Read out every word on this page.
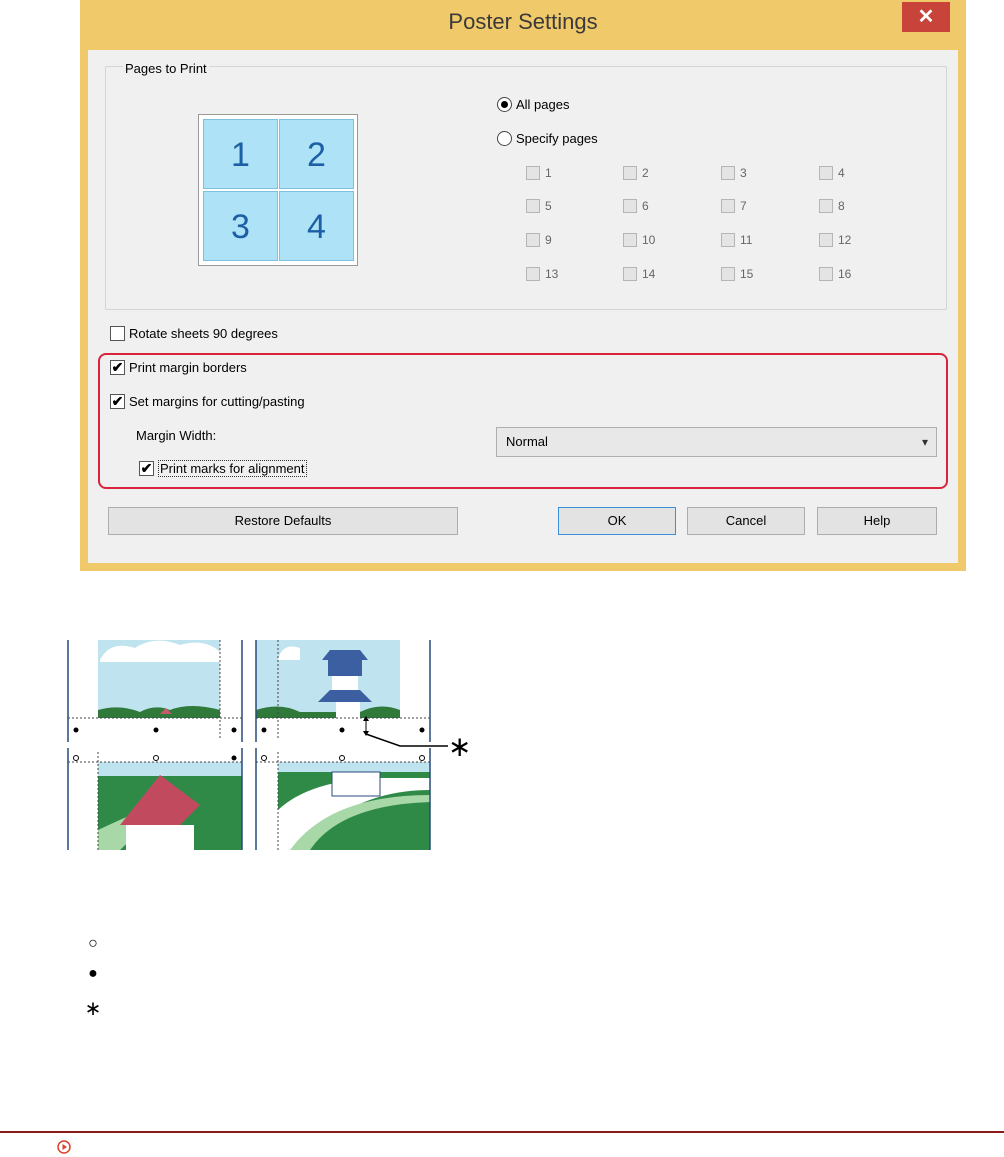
Poster Settings	✕
Pages to Print
1	2
3	4
All pages
Specify pages
1	2	3	4
5	6	7	8
9	10	11	12
13	14	15	16
Rotate sheets 90 degrees
✔ Print margin borders
✔ Set margins for cutting/pasting
Margin Width:	Normal	▾
✔ Print marks for alignment
Restore Defaults	OK	Cancel	Help
∗
○
●
∗
